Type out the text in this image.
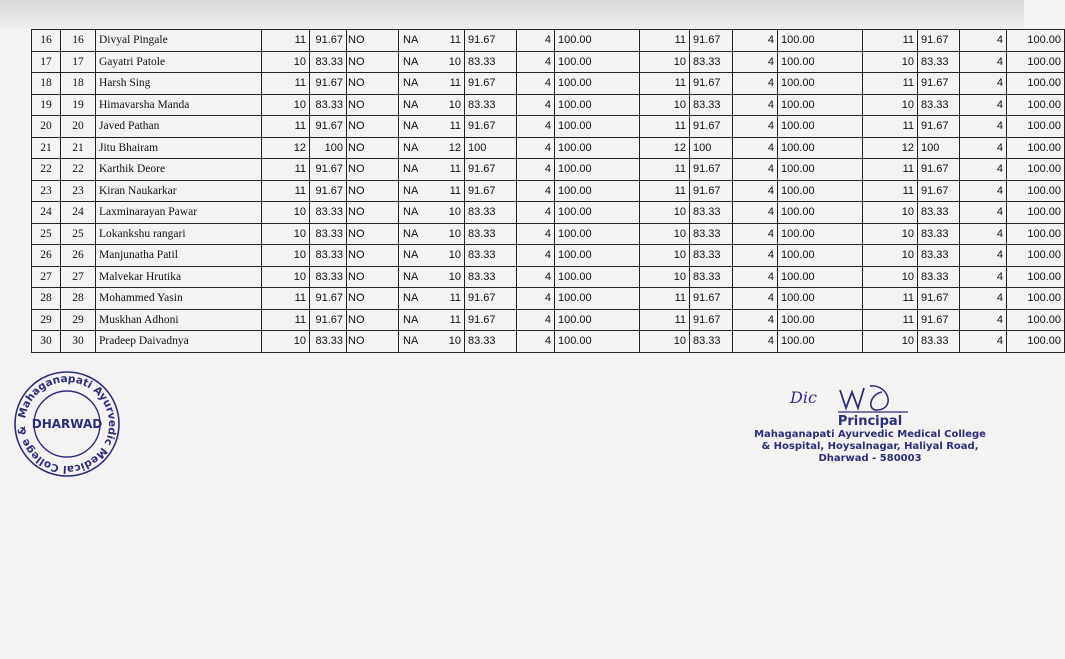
16	16	Divyal Pingale	11	91.67	NO NA	11	91.67	4	100.00	11	91.67	4	100.00	11	91.67	4	100.00
17	17	Gayatri Patole	10	83.33	NO NA	10	83.33	4	100.00	10	83.33	4	100.00	10	83.33	4	100.00
18	18	Harsh Sing	11	91.67	NO NA	11	91.67	4	100.00	11	91.67	4	100.00	11	91.67	4	100.00
19	19	Himavarsha Manda	10	83.33	NO NA	10	83.33	4	100.00	10	83.33	4	100.00	10	83.33	4	100.00
20	20	Javed Pathan	11	91.67	NO NA	11	91.67	4	100.00	11	91.67	4	100.00	11	91.67	4	100.00
21	21	Jitu Bhairam	12	100	NO NA	12	100	4	100.00	12	100	4	100.00	12	100	4	100.00
22	22	Karthik Deore	11	91.67	NO NA	11	91.67	4	100.00	11	91.67	4	100.00	11	91.67	4	100.00
23	23	Kiran Naukarkar	11	91.67	NO NA	11	91.67	4	100.00	11	91.67	4	100.00	11	91.67	4	100.00
24	24	Laxminarayan Pawar	10	83.33	NO NA	10	83.33	4	100.00	10	83.33	4	100.00	10	83.33	4	100.00
25	25	Lokankshu rangari	10	83.33	NO NA	10	83.33	4	100.00	10	83.33	4	100.00	10	83.33	4	100.00
26	26	Manjunatha Patil	10	83.33	NO NA	10	83.33	4	100.00	10	83.33	4	100.00	10	83.33	4	100.00
27	27	Malvekar Hrutika	10	83.33	NO NA	10	83.33	4	100.00	10	83.33	4	100.00	10	83.33	4	100.00
28	28	Mohammed Yasin	11	91.67	NO NA	11	91.67	4	100.00	11	91.67	4	100.00	11	91.67	4	100.00
29	29	Muskhan Adhoni	11	91.67	NO NA	11	91.67	4	100.00	11	91.67	4	100.00	11	91.67	4	100.00
30	30	Pradeep Daivadnya	10	83.33	NO NA	10	83.33	4	100.00	10	83.33	4	100.00	10	83.33	4	100.00
Mahaganapati Ayurvedic Medical College & DHARWAD
Dic
Principal
Mahaganapati Ayurvedic Medical College
& Hospital, Hoysalnagar, Haliyal Road,
Dharwad - 580003
